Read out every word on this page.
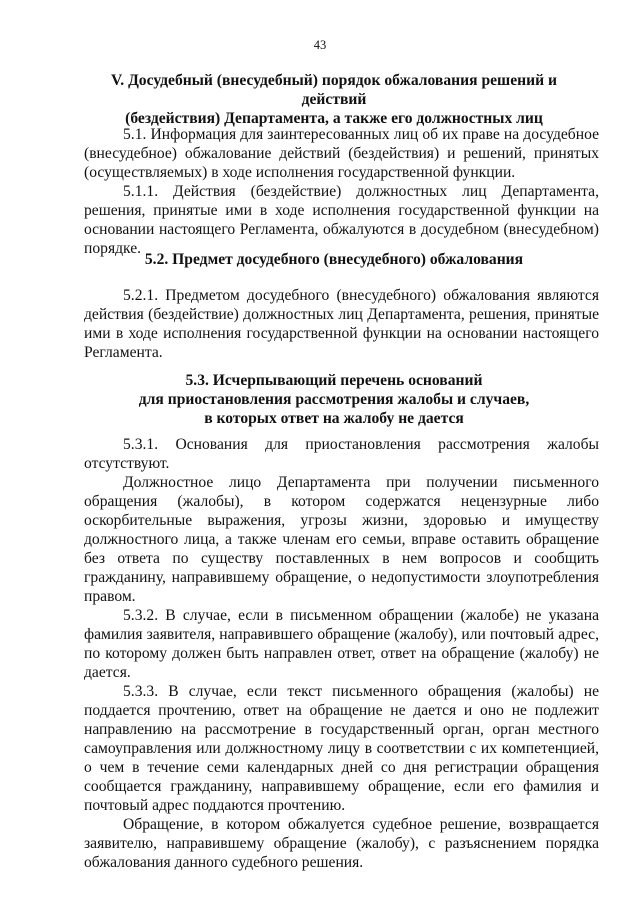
43
V. Досудебный (внесудебный) порядок обжалования решений и действий
(бездействия) Департамента, а также его должностных лиц

5.1. Информация для заинтересованных лиц об их праве на досудебное (внесудебное) обжалование действий (бездействия) и решений, принятых (осуществляемых) в ходе исполнения государственной функции.

5.1.1. Действия (бездействие) должностных лиц Департамента, решения, принятые ими в ходе исполнения государственной функции на основании настоящего Регламента, обжалуются в досудебном (внесудебном) порядке.

5.2. Предмет досудебного (внесудебного) обжалования

5.2.1. Предметом досудебного (внесудебного) обжалования являются действия (бездействие) должностных лиц Департамента, решения, принятые ими в ходе исполнения государственной функции на основании настоящего Регламента.

5.3. Исчерпывающий перечень оснований
для приостановления рассмотрения жалобы и случаев,
в которых ответ на жалобу не дается

5.3.1. Основания для приостановления рассмотрения жалобы отсутствуют.

Должностное лицо Департамента при получении письменного обращения (жалобы), в котором содержатся нецензурные либо оскорбительные выражения, угрозы жизни, здоровью и имуществу должностного лица, а также членам его семьи, вправе оставить обращение без ответа по существу поставленных в нем вопросов и сообщить гражданину, направившему обращение, о недопустимости злоупотребления правом.

5.3.2. В случае, если в письменном обращении (жалобе) не указана фамилия заявителя, направившего обращение (жалобу), или почтовый адрес, по которому должен быть направлен ответ, ответ на обращение (жалобу) не дается.

5.3.3. В случае, если текст письменного обращения (жалобы) не поддается прочтению, ответ на обращение не дается и оно не подлежит направлению на рассмотрение в государственный орган, орган местного самоуправления или должностному лицу в соответствии с их компетенцией, о чем в течение семи календарных дней со дня регистрации обращения сообщается гражданину, направившему обращение, если его фамилия и почтовый адрес поддаются прочтению.

Обращение, в котором обжалуется судебное решение, возвращается заявителю, направившему обращение (жалобу), с разъяснением порядка обжалования данного судебного решения.
